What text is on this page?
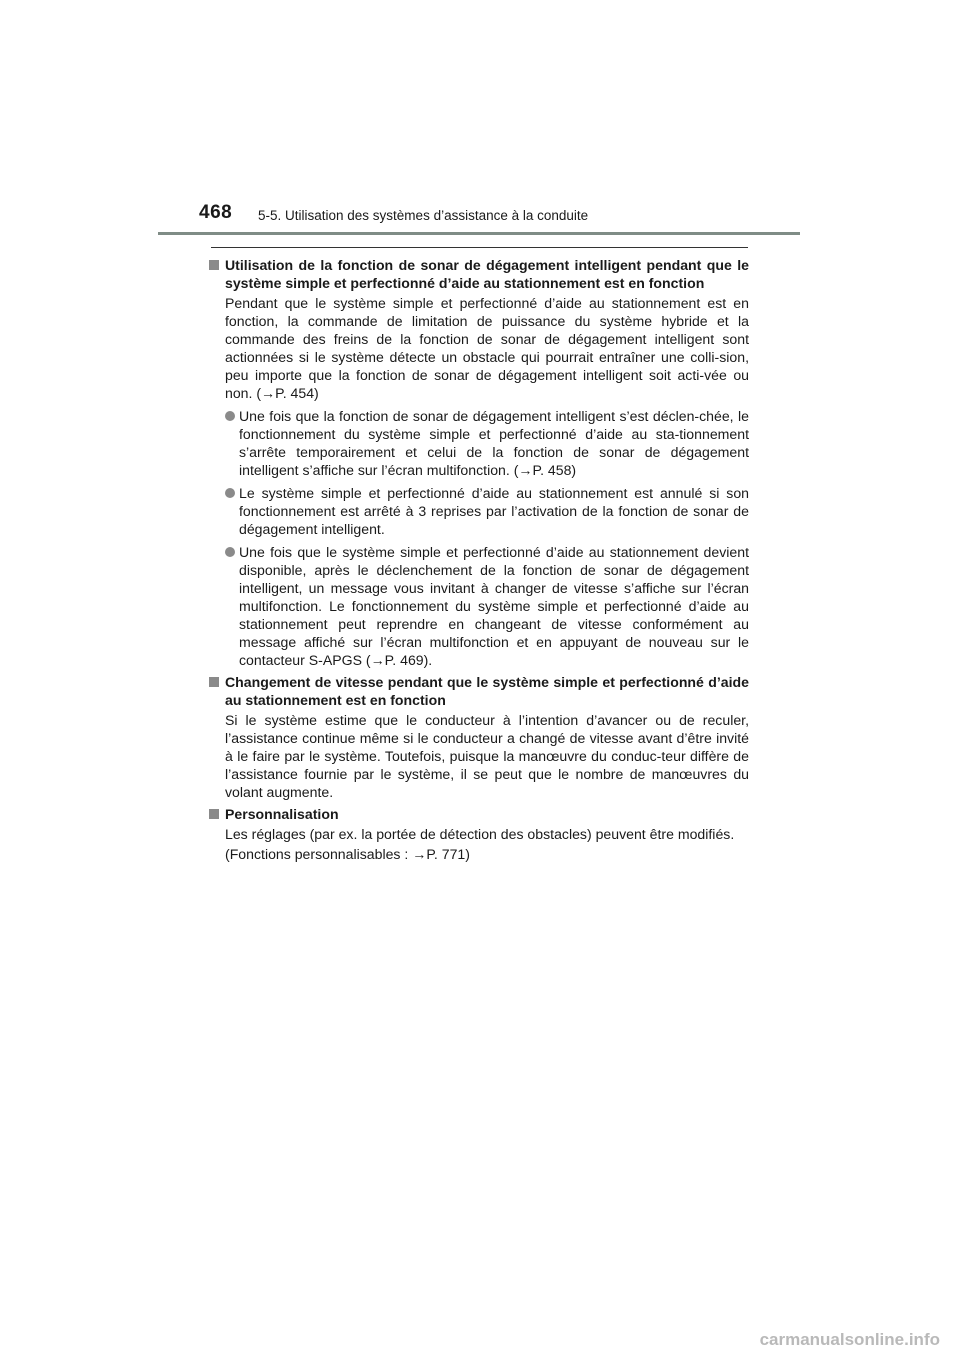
468 5-5. Utilisation des systèmes d’assistance à la conduite
Utilisation de la fonction de sonar de dégagement intelligent pendant que le système simple et perfectionné d’aide au stationnement est en fonction
Pendant que le système simple et perfectionné d’aide au stationnement est en fonction, la commande de limitation de puissance du système hybride et la commande des freins de la fonction de sonar de dégagement intelligent sont actionnées si le système détecte un obstacle qui pourrait entraîner une colli-sion, peu importe que la fonction de sonar de dégagement intelligent soit acti-vée ou non. (→P. 454)
Une fois que la fonction de sonar de dégagement intelligent s’est déclen-chée, le fonctionnement du système simple et perfectionné d’aide au sta-tionnement s’arrête temporairement et celui de la fonction de sonar de dégagement intelligent s’affiche sur l’écran multifonction. (→P. 458)
Le système simple et perfectionné d’aide au stationnement est annulé si son fonctionnement est arrêté à 3 reprises par l’activation de la fonction de sonar de dégagement intelligent.
Une fois que le système simple et perfectionné d’aide au stationnement devient disponible, après le déclenchement de la fonction de sonar de dégagement intelligent, un message vous invitant à changer de vitesse s’affiche sur l’écran multifonction. Le fonctionnement du système simple et perfectionné d’aide au stationnement peut reprendre en changeant de vitesse conformément au message affiché sur l’écran multifonction et en appuyant de nouveau sur le contacteur S-APGS (→P. 469).
Changement de vitesse pendant que le système simple et perfectionné d’aide au stationnement est en fonction
Si le système estime que le conducteur à l’intention d’avancer ou de reculer, l’assistance continue même si le conducteur a changé de vitesse avant d’être invité à le faire par le système. Toutefois, puisque la manœuvre du conduc-teur diffère de l’assistance fournie par le système, il se peut que le nombre de manœuvres du volant augmente.
Personnalisation
Les réglages (par ex. la portée de détection des obstacles) peuvent être modifiés.
(Fonctions personnalisables : →P. 771)
carmanualsonline.info
